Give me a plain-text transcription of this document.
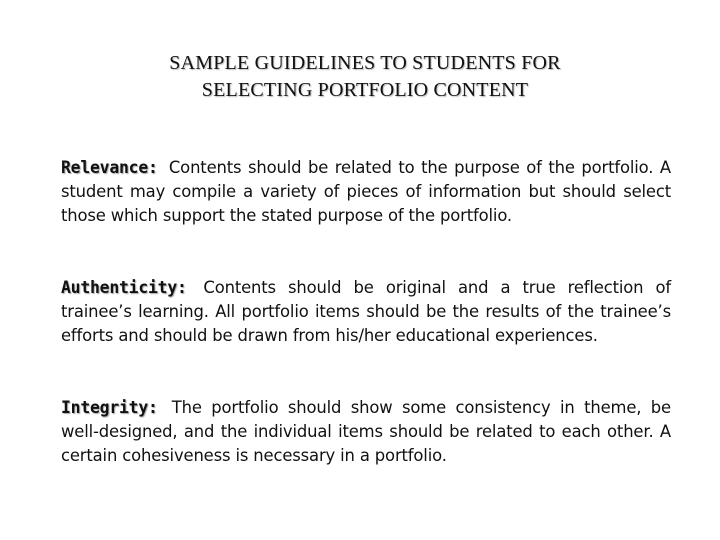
SAMPLE GUIDELINES TO STUDENTS FOR
SELECTING PORTFOLIO CONTENT
Relevance: Contents should be related to the purpose of the portfolio. A student may compile a variety of pieces of information but should select those which support the stated purpose of the portfolio.
Authenticity: Contents should be original and a true reflection of trainee’s learning. All portfolio items should be the results of the trainee’s efforts and should be drawn from his/her educational experiences.
Integrity: The portfolio should show some consistency in theme, be well-designed, and the individual items should be related to each other. A certain cohesiveness is necessary in a portfolio.
